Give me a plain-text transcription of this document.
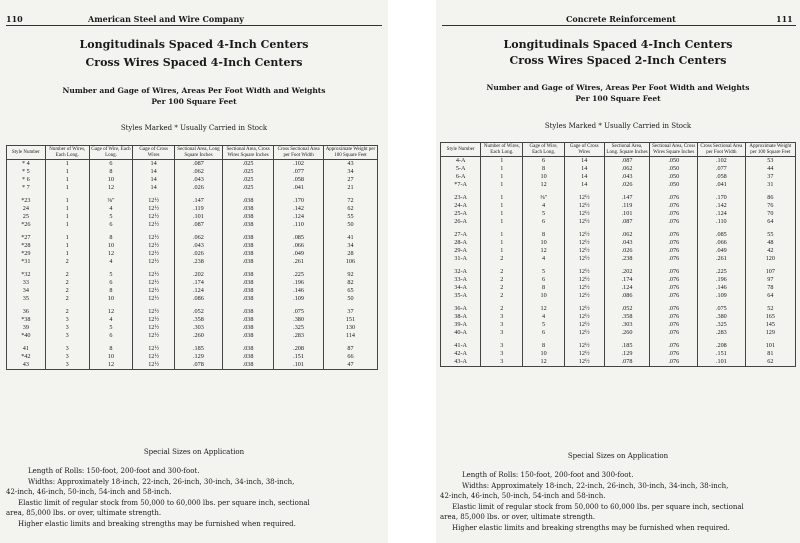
110	American Steel and Wire Company
Longitudinals Spaced 4-Inch Centers
Cross Wires Spaced 4-Inch Centers
Number and Gage of Wires, Areas Per Foot Width and Weights
Per 100 Square Feet
Styles Marked * Usually Carried in Stock
Style Number	Number of Wires, Each Long.	Gage of Wire, Each Long.	Gage of Cross Wires	Sectional Area, Long Square Inches	Sectional Area, Cross Wires Square Inches	Cross Sectional Area per Foot Width	Approximate Weight per 100 Square Feet
* 4	1	6	14	.087	.025	.102	43
* 5	1	8	14	.062	.025	.077	34
* 6	1	10	14	.043	.025	.058	27
* 7	1	12	14	.026	.025	.041	21

*23	1	⅜"	12½	.147	.038	.170	72
24	1	4	12½	.119	.038	.142	62
25	1	5	12½	.101	.038	.124	55
*26	1	6	12½	.087	.038	.110	50

*27	1	8	12½	.062	.038	.085	41
*28	1	10	12½	.043	.038	.066	34
*29	1	12	12½	.026	.038	.049	28
*31	2	4	12½	.238	.038	.261	106

*32	2	5	12½	.202	.038	.225	92
33	2	6	12½	.174	.038	.196	82
34	2	8	12½	.124	.038	.146	65
35	2	10	12½	.086	.038	.109	50

36	2	12	12½	.052	.038	.075	37
*38	3	4	12½	.358	.038	.380	151
39	3	5	12½	.303	.038	.325	130
*40	3	6	12½	.260	.038	.283	114

41	3	8	12½	.185	.038	.208	87
*42	3	10	12½	.129	.038	.151	66
43	3	12	12½	.078	.038	.101	47
Special Sizes on Application

Length of Rolls: 150-foot, 200-foot and 300-foot.

Widths: Approximately 18-inch, 22-inch, 26-inch, 30-inch, 34-inch, 38-inch,

42-inch, 46-inch, 50-inch, 54-inch and 58-inch.

Elastic limit of regular stock from 50,000 to 60,000 lbs. per square inch, sectional

area, 85,000 lbs. or over, ultimate strength.

Higher elastic limits and breaking strengths may be furnished when required.

Concrete Reinforcement	111
Longitudinals Spaced 4-Inch Centers
Cross Wires Spaced 2-Inch Centers
Number and Gage of Wires, Areas Per Foot Width and Weights
Per 100 Square Feet
Styles Marked * Usually Carried in Stock
Style Number	Number of Wires, Each Long.	Gage of Wire, Each Long.	Gage of Cross Wires	Sectional Area, Long. Square Inches	Sectional Area, Cross Wires Square Inches	Cross Sectional Area per Foot Width	Approximate Weight per 100 Square Feet
4-A	1	6	14	.087	.050	.102	53
5-A	1	8	14	.062	.050	.077	44
6-A	1	10	14	.043	.050	.058	37
*7-A	1	12	14	.026	.050	.041	31

23-A	1	⅜"	12½	.147	.076	.170	86
24-A	1	4	12½	.119	.076	.142	76
25-A	1	5	12½	.101	.076	.124	70
26-A	1	6	12½	.087	.076	.110	64

27-A	1	8	12½	.062	.076	.085	55
28-A	1	10	12½	.043	.076	.066	48
29-A	1	12	12½	.026	.076	.049	42
31-A	2	4	12½	.238	.076	.261	120

32-A	2	5	12½	.202	.076	.225	107
33-A	2	6	12½	.174	.076	.196	97
34-A	2	8	12½	.124	.076	.146	78
35-A	2	10	12½	.086	.076	.109	64

36-A	2	12	12½	.052	.076	.075	52
38-A	3	4	12½	.358	.076	.380	165
39-A	3	5	12½	.303	.076	.325	145
40-A	3	6	12½	.260	.076	.283	129

41-A	3	8	12½	.185	.076	.208	101
42-A	3	10	12½	.129	.076	.151	81
43-A	3	12	12½	.078	.076	.101	62
Special Sizes on Application

Length of Rolls: 150-foot, 200-foot and 300-foot.

Widths: Approximately 18-inch, 22-inch, 26-inch, 30-inch, 34-inch, 38-inch,

42-inch, 46-inch, 50-inch, 54-inch and 58-inch.

Elastic limit of regular stock from 50,000 to 60,000 lbs. per square inch, sectional

area, 85,000 lbs. or over, ultimate strength.

Higher elastic limits and breaking strengths may be furnished when required.
